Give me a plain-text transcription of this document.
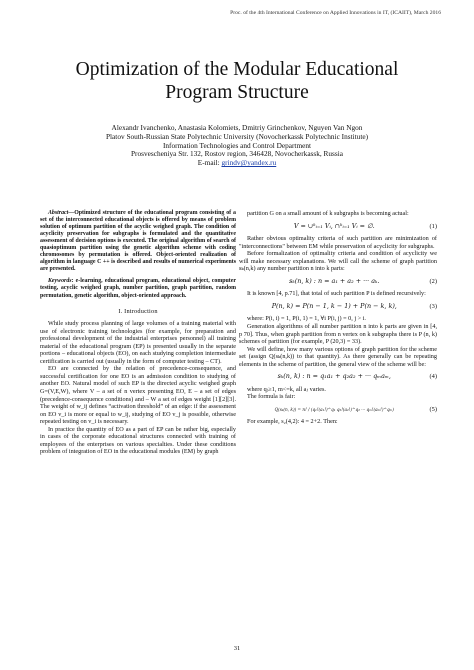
Proc. of the 4th International Conference on Applied Innovations in IT, (ICAIIT), March 2016
Optimization of the Modular Educational
Program Structure
Alexandr Ivanchenko, Anastasia Kolomiets, Dmitriy Grinchenkov, Nguyen Van Ngon
Platov South-Russian State Polytechnic University (Novocherkassk Polytechnic Institute)
Information Technologies and Control Department
Prosvescheniya Str. 132, Rostov region, 346428, Novocherkassk, Russia
E-mail: grindv@yandex.ru
Abstract—Optimized structure of the educational program consisting of a set of the interconnected educational objects is offered by means of problem solution of optimum partition of the acyclic weighed graph. The condition of acyclicity preservation for subgraphs is formulated and the quantitative assessment of decision options is executed. The original algorithm of search of quasioptimum partition using the genetic algorithm scheme with coding chromosomes by permutation is offered. Object-oriented realization of algorithm in language C ++ is described and results of numerical experiments are presented.
Keywords: e-learning, educational program, educational object, computer testing, acyclic weighed graph, number partition, graph partition, random permutation, genetic algorithm, object-oriented approach.
I. Introduction

While study process planning of large volumes of a training material with use of electronic training technologies (for example, for preparation and professional development of the industrial enterprises personnel) all training material of the educational program (EP) is presented usually in the separate portions – educational objects (EO), on each studying completion intermediate certification is carried out (usually in the form of computer testing – CT).

EO are connected by the relation of precedence-consequence, and successful certification for one EO is an admission condition to studying of another EO. Natural model of such EP is the directed acyclic weighed graph G=(V,E,W), where V – a set of n vertex presenting EO, E – a set of edges (precedence-consequence conditions) and – W a set of edges weight [1][2][3]. The weight of w_ij defines “activation threshold” of an edge: if the assessment on EO v_i is more or equal to w_ij, studying of EO v_j is possible, otherwise repeated testing on v_i is necessary.

In practice the quantity of EO as a part of EP can be rather big, especially in cases of the corporate educational structures connected with training of employees of the enterprises on various specialties. Under these conditions problem of integration of EO in the educational modules (EM) by graph

partition G on a small amount of k subgraphs is becoming actual:

V = ∪ᵏᵢ₌₁ Vᵢ, ∩ᵏᵢ₌₁ Vᵢ = ∅.	(1)

Rather obvious optimality criteria of such partition are minimization of "interconnections" between EM while preservation of acyclicity for subgraphs.

Before formalization of optimality criteria and condition of acyclicity we will make necessary explanations. We will call the scheme of graph partition sₖ(n,k) any number partition n into k parts:

sₖ(n, k) : n = a₁ + a₂ + ··· aₖ.	(2)

It is known [4, p.71], that total of such partition P is defined recursively:

P(n, k) = P(n − 1, k − 1) + P(n − k, k),	(3)

where: P(i, i) = 1, P(i, 1) = 1, ∀i P(i, j) = 0, j > i.

Generation algorithms of all number partition n into k parts are given in [4, p 70]. Thus, when graph partition from n vertex on k subgraphs there is P (n, k) schemes of partition (for example, P (20,3) = 33).

We will define, how many various options of graph partition for the scheme set (assign Q(sₖ(n,k)) to that quantity). As there generally can be repeating elements in the scheme of partition, the general view of the scheme will be:

sₖ(n, k) : n = q₁a₁ + q₂a₂ + ··· qₘaₘ,	(4)

where qⱼ≥1, m<=k, all aⱼ varies.

The formula is fair:

Q(sₖ(n, k)) = n! / (q₁!(a₁!)^q₁ q₂!(a₂!)^q₂ ··· qₘ!(aₘ!)^qₘ)	(5)

For example, s₂(4,2): 4 = 2+2. Then:

31
